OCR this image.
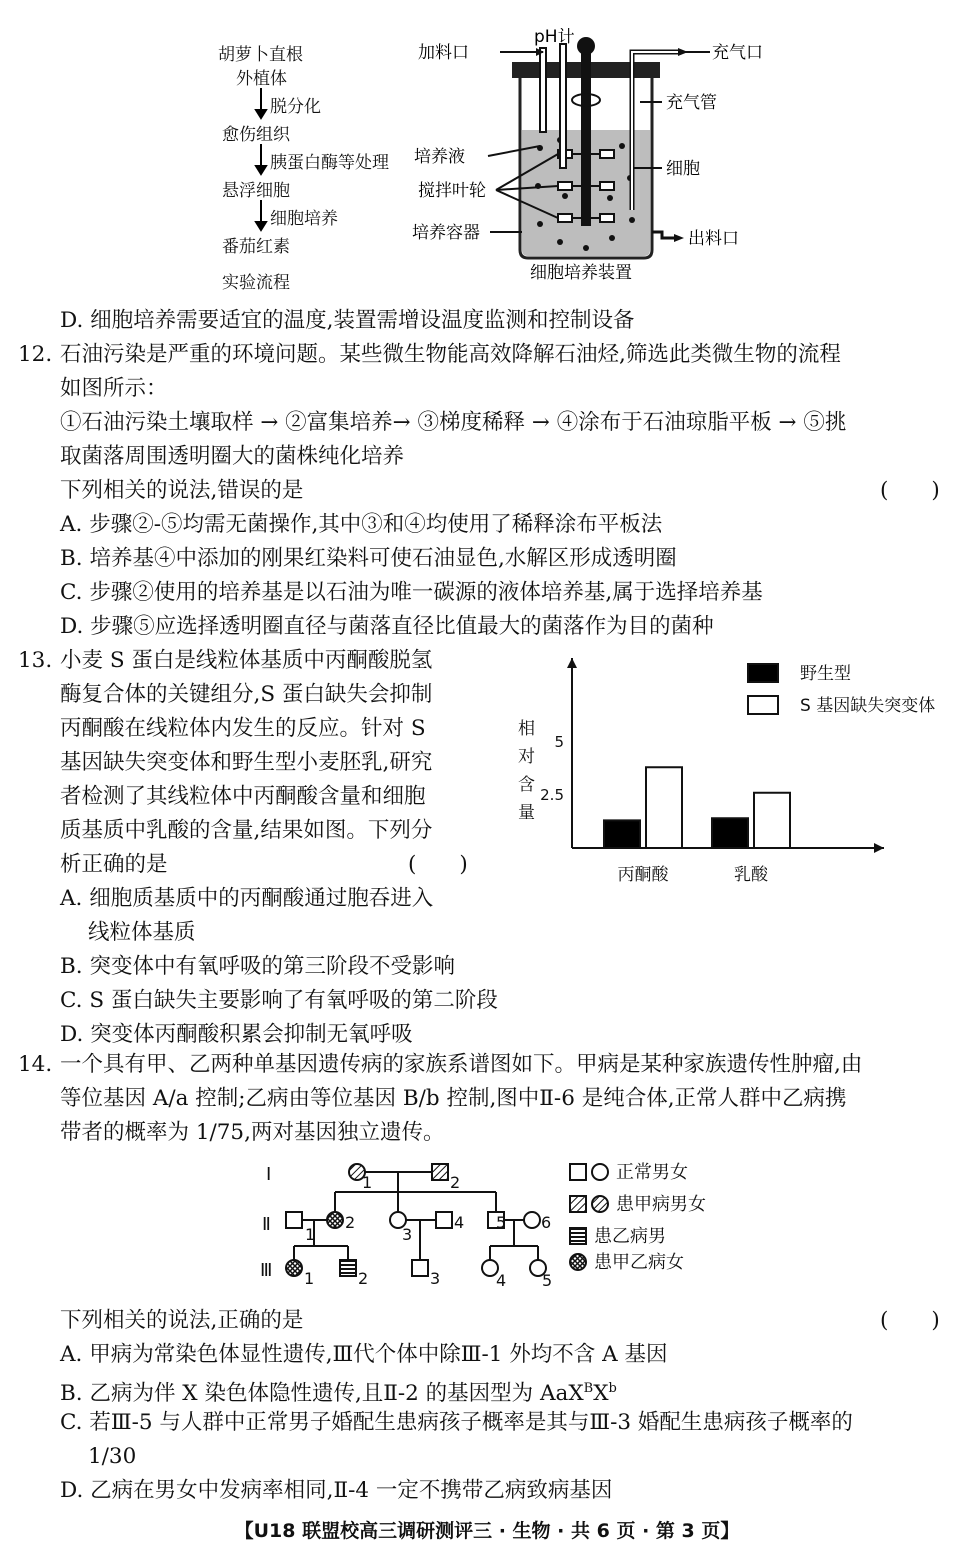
胡萝卜直根
外植体
脱分化
愈伤组织
胰蛋白酶等处理
悬浮细胞
细胞培养
番茄红素
实验流程
加料口
pH计
充气口
充气管
培养液
细胞
搅拌叶轮
培养容器	出料口
细胞培养装置
D. 细胞培养需要适宜的温度,装置需增设温度监测和控制设备
12. 石油污染是严重的环境问题。某些微生物能高效降解石油烃,筛选此类微生物的流程
如图所示：
①石油污染土壤取样 → ②富集培养→ ③梯度稀释 → ④涂布于石油琼脂平板 → ⑤挑
取菌落周围透明圈大的菌株纯化培养
下列相关的说法,错误的是	(　　)
A. 步骤②-⑤均需无菌操作,其中③和④均使用了稀释涂布平板法
B. 培养基④中添加的刚果红染料可使石油显色,水解区形成透明圈
C. 步骤②使用的培养基是以石油为唯一碳源的液体培养基,属于选择培养基
D. 步骤⑤应选择透明圈直径与菌落直径比值最大的菌落作为目的菌种
13. 小麦 S 蛋白是线粒体基质中丙酮酸脱氢
酶复合体的关键组分,S 蛋白缺失会抑制
丙酮酸在线粒体内发生的反应。针对 S
基因缺失突变体和野生型小麦胚乳,研究
者检测了其线粒体中丙酮酸含量和细胞
质基质中乳酸的含量,结果如图。下列分
析正确的是	(　　)
A. 细胞质基质中的丙酮酸通过胞吞进入
线粒体基质
B. 突变体中有氧呼吸的第三阶段不受影响
C. S 蛋白缺失主要影响了有氧呼吸的第二阶段
D. 突变体丙酮酸积累会抑制无氧呼吸
2.5
5
相
对
含
量
丙酮酸	乳酸
野生型
S 基因缺失突变体
14. 一个具有甲、乙两种单基因遗传病的家族系谱图如下。甲病是某种家族遗传性肿瘤,由
等位基因 A/a 控制;乙病由等位基因 B/b 控制,图中Ⅱ-6 是纯合体,正常人群中乙病携
带者的概率为 1/75,两对基因独立遗传。
I
Ⅱ
Ⅲ
1	2
1
2
3
4 5 6
1	2	3	4 5
正常男女
患甲病男女
患乙病男
患甲乙病女
下列相关的说法,正确的是	(　　)
A. 甲病为常染色体显性遗传,Ⅲ代个体中除Ⅲ-1 外均不含 A 基因
B. 乙病为伴 X 染色体隐性遗传,且Ⅱ-2 的基因型为 $AaX^BX^b$
C. 若Ⅲ-5 与人群中正常男子婚配生患病孩子概率是其与Ⅲ-3 婚配生患病孩子概率的
1/30
D. 乙病在男女中发病率相同,Ⅱ-4 一定不携带乙病致病基因
【U18 联盟校高三调研测评三 · 生物 · 共 6 页 · 第 3 页】
